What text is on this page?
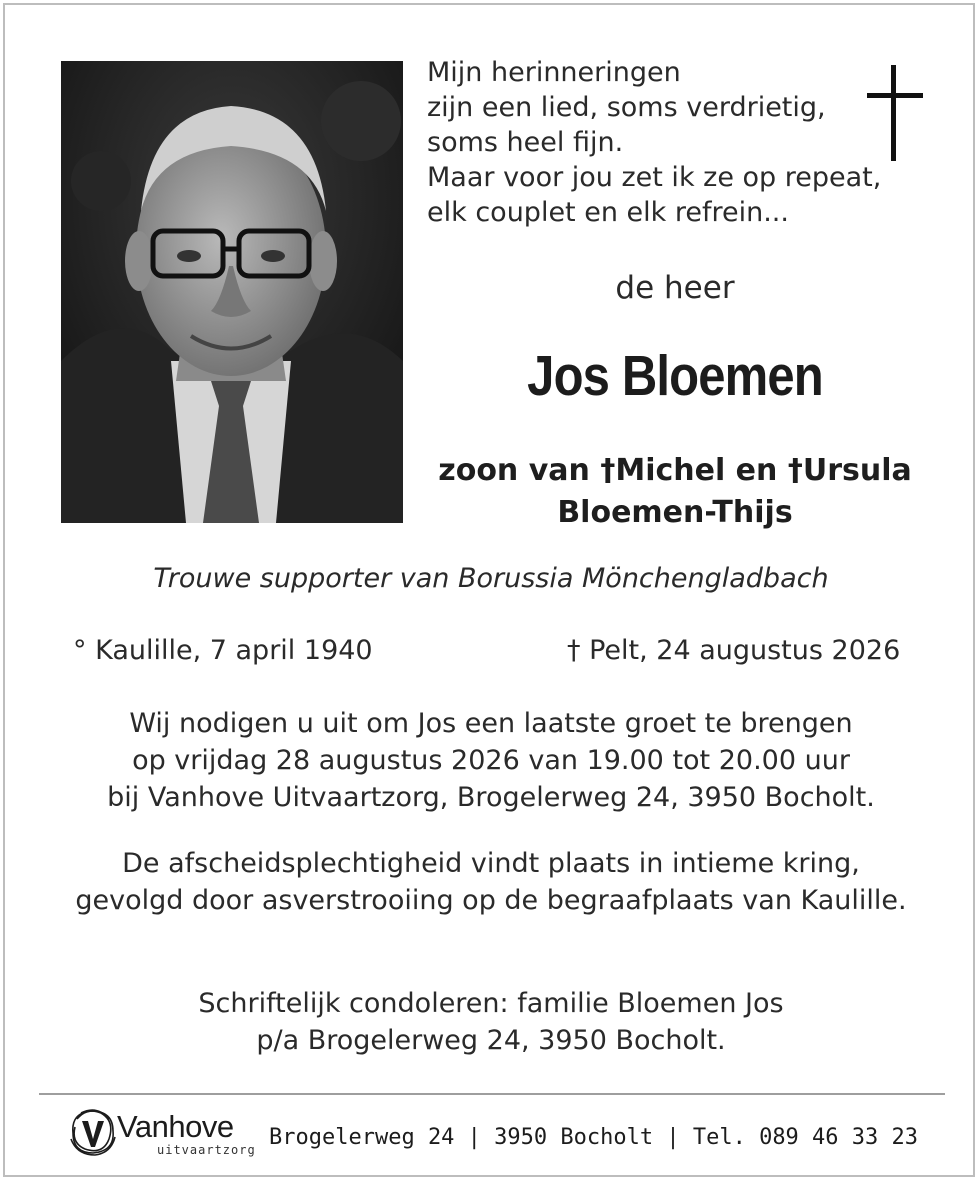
Mijn herinneringen
zijn een lied, soms verdrietig,
soms heel fijn.
Maar voor jou zet ik ze op repeat,
elk couplet en elk refrein...
de heer
Jos Bloemen
zoon van †Michel en †Ursula
Bloemen-Thijs
Trouwe supporter van Borussia Mönchengladbach
° Kaulille, 7 april 1940	† Pelt, 24 augustus 2026
Wij nodigen u uit om Jos een laatste groet te brengen
op vrijdag 28 augustus 2026 van 19.00 tot 20.00 uur
bij Vanhove Uitvaartzorg, Brogelerweg 24, 3950 Bocholt.
De afscheidsplechtigheid vindt plaats in intieme kring,
gevolgd door asverstrooiing op de begraafplaats van Kaulille.
Schriftelijk condoleren: familie Bloemen Jos
p/a Brogelerweg 24, 3950 Bocholt.
Vanhove
uitvaartzorg Brogelerweg 24 | 3950 Bocholt | Tel. 089 46 33 23
